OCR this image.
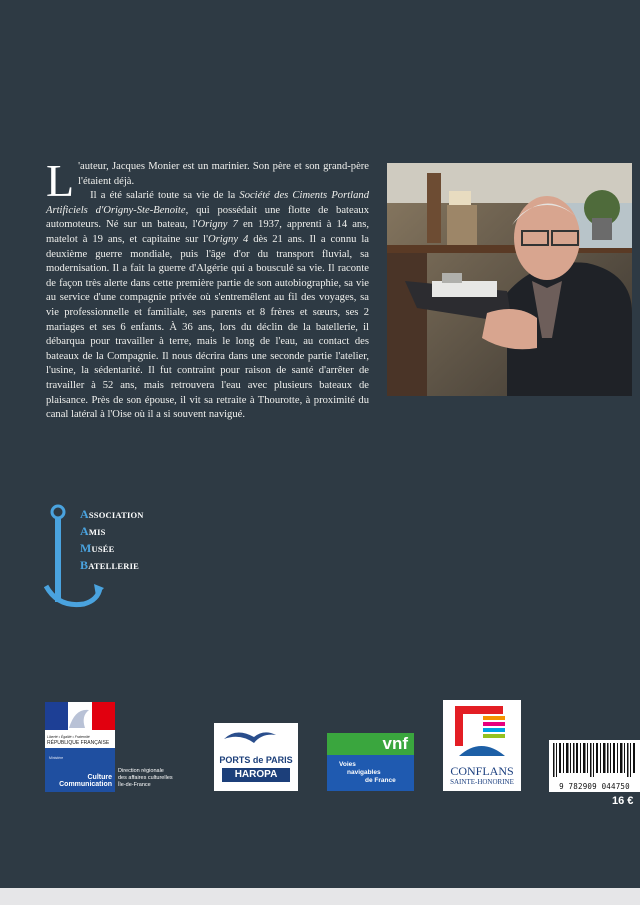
L 'auteur, Jacques Monier est un marinier. Son père et son grand-père l'étaient déjà.

Il a été salarié toute sa vie de la Société des Ciments Portland Artificiels d'Origny-Ste-Benoite, qui possédait une flotte de bateaux automoteurs. Né sur un bateau, l'Origny 7 en 1937, apprenti à 14 ans, matelot à 19 ans, et capitaine sur l'Origny 4 dès 21 ans. Il a connu la deuxième guerre mondiale, puis l'âge d'or du transport fluvial, sa modernisation. Il a fait la guerre d'Algérie qui a bousculé sa vie. Il raconte de façon très alerte dans cette première partie de son autobiographie, sa vie au service d'une compagnie privée où s'entremêlent au fil des voyages, sa vie professionnelle et familiale, ses parents et 8 frères et sœurs, ses 2 mariages et ses 6 enfants. À 36 ans, lors du déclin de la batellerie, il débarqua pour travailler à terre, mais le long de l'eau, au contact des bateaux de la Compagnie. Il nous décrira dans une seconde partie l'atelier, l'usine, la sédentarité. Il fut contraint pour raison de santé d'arrêter de travailler à 52 ans, mais retrouvera l'eau avec plusieurs bateaux de plaisance. Près de son épouse, il vit sa retraite à Thourotte, à proximité du canal latéral à l'Oise où il a si souvent navigué.

ASSOCIATION
AMIS
MUSÉE
BATELLERIE
Liberté • Égalité • Fraternité
RÉPUBLIQUE FRANÇAISE
Ministère
Culture
Communication
Direction régionale
des affaires culturelles
Île-de-France
PORTS de PARIS
HAROPA
vnf
Voies
navigables
de France
CONFLANS
SAINTE-HONORINE	9 782909 044750
16 €
